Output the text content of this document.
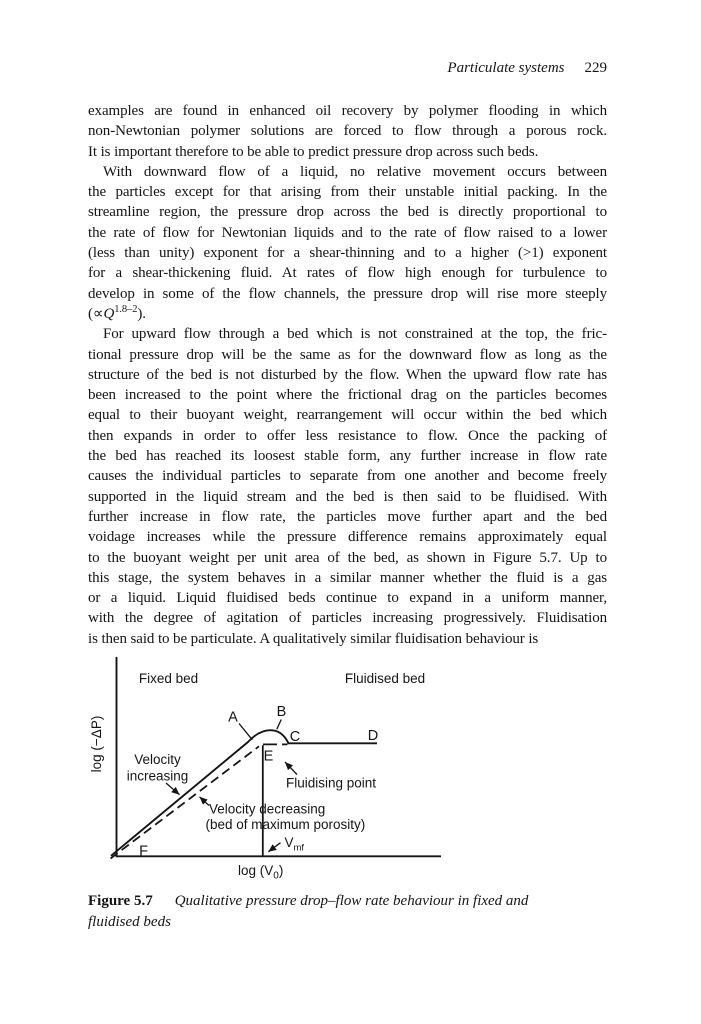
Particulate systems 229
examples are found in enhanced oil recovery by polymer flooding in which
non-Newtonian polymer solutions are forced to flow through a porous rock.
It is important therefore to be able to predict pressure drop across such beds.
With downward flow of a liquid, no relative movement occurs between
the particles except for that arising from their unstable initial packing. In the
streamline region, the pressure drop across the bed is directly proportional to
the rate of flow for Newtonian liquids and to the rate of flow raised to a lower
(less than unity) exponent for a shear-thinning and to a higher (>1) exponent
for a shear-thickening fluid. At rates of flow high enough for turbulence to
develop in some of the flow channels, the pressure drop will rise more steeply
$(\propto Q^{1.8-2})$.
For upward flow through a bed which is not constrained at the top, the fric-
tional pressure drop will be the same as for the downward flow as long as the
structure of the bed is not disturbed by the flow. When the upward flow rate has
been increased to the point where the frictional drag on the particles becomes
equal to their buoyant weight, rearrangement will occur within the bed which
then expands in order to offer less resistance to flow. Once the packing of
the bed has reached its loosest stable form, any further increase in flow rate
causes the individual particles to separate from one another and become freely
supported in the liquid stream and the bed is then said to be fluidised. With
further increase in flow rate, the particles move further apart and the bed
voidage increases while the pressure difference remains approximately equal
to the buoyant weight per unit area of the bed, as shown in Figure 5.7. Up to
this stage, the system behaves in a similar manner whether the fluid is a gas
or a liquid. Liquid fluidised beds continue to expand in a uniform manner,
with the degree of agitation of particles increasing progressively. Fluidisation
is then said to be particulate. A qualitatively similar fluidisation behaviour is
Fixed bed	Fluidised bed
log (−ΔP)
$\log (V_0)$
A	B
C	D
E
F
Velocity
increasing
Velocity decreasing
(bed of maximum porosity)
Fluidising point
$V_{mf}$
Figure 5.7 Qualitative pressure drop–flow rate behaviour in fixed and
fluidised beds
